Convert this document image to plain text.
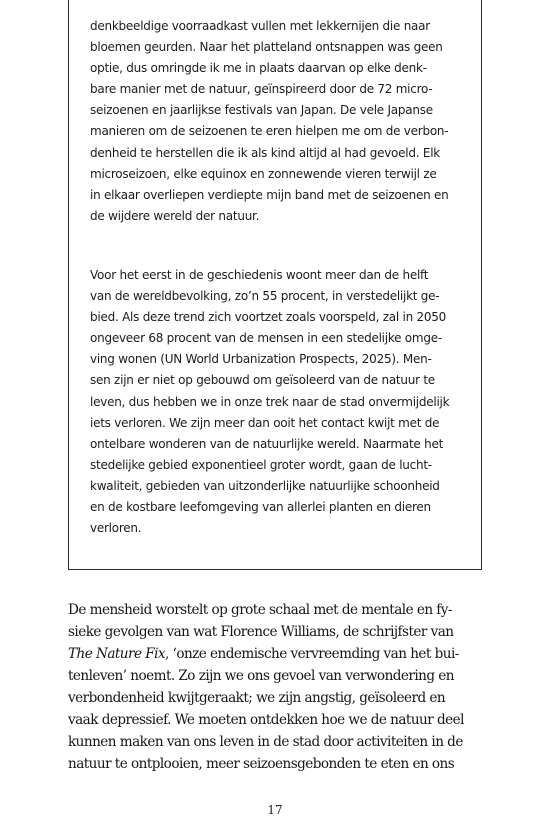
denkbeeldige voorraadkast vullen met lekkernijen die naar
bloemen geurden. Naar het platteland ontsnappen was geen
optie, dus omringde ik me in plaats daarvan op elke denk-
bare manier met de natuur, geïnspireerd door de 72 micro-
seizoenen en jaarlijkse festivals van Japan. De vele Japanse
manieren om de seizoenen te eren hielpen me om de verbon-
denheid te herstellen die ik als kind altijd al had gevoeld. Elk
microseizoen, elke equinox en zonnewende vieren terwijl ze
in elkaar overliepen verdiepte mijn band met de seizoenen en
de wijdere wereld der natuur.

Voor het eerst in de geschiedenis woont meer dan de helft
van de wereldbevolking, zo’n 55 procent, in verstedelijkt ge-
bied. Als deze trend zich voortzet zoals voorspeld, zal in 2050
ongeveer 68 procent van de mensen in een stedelijke omge-
ving wonen (UN World Urbanization Prospects, 2025). Men-
sen zijn er niet op gebouwd om geïsoleerd van de natuur te
leven, dus hebben we in onze trek naar de stad onvermijdelijk
iets verloren. We zijn meer dan ooit het contact kwijt met de
ontelbare wonderen van de natuurlijke wereld. Naarmate het
stedelijke gebied exponentieel groter wordt, gaan de lucht-
kwaliteit, gebieden van uitzonderlijke natuurlijke schoonheid
en de kostbare leefomgeving van allerlei planten en dieren
verloren.

De mensheid worstelt op grote schaal met de mentale en fy-
sieke gevolgen van wat Florence Williams, de schrijfster van
The Nature Fix, ‘onze endemische vervreemding van het bui-
tenleven’ noemt. Zo zijn we ons gevoel van verwondering en
verbondenheid kwijtgeraakt; we zijn angstig, geïsoleerd en
vaak depressief. We moeten ontdekken hoe we de natuur deel
kunnen maken van ons leven in de stad door activiteiten in de
natuur te ontplooien, meer seizoensgebonden te eten en ons

17
